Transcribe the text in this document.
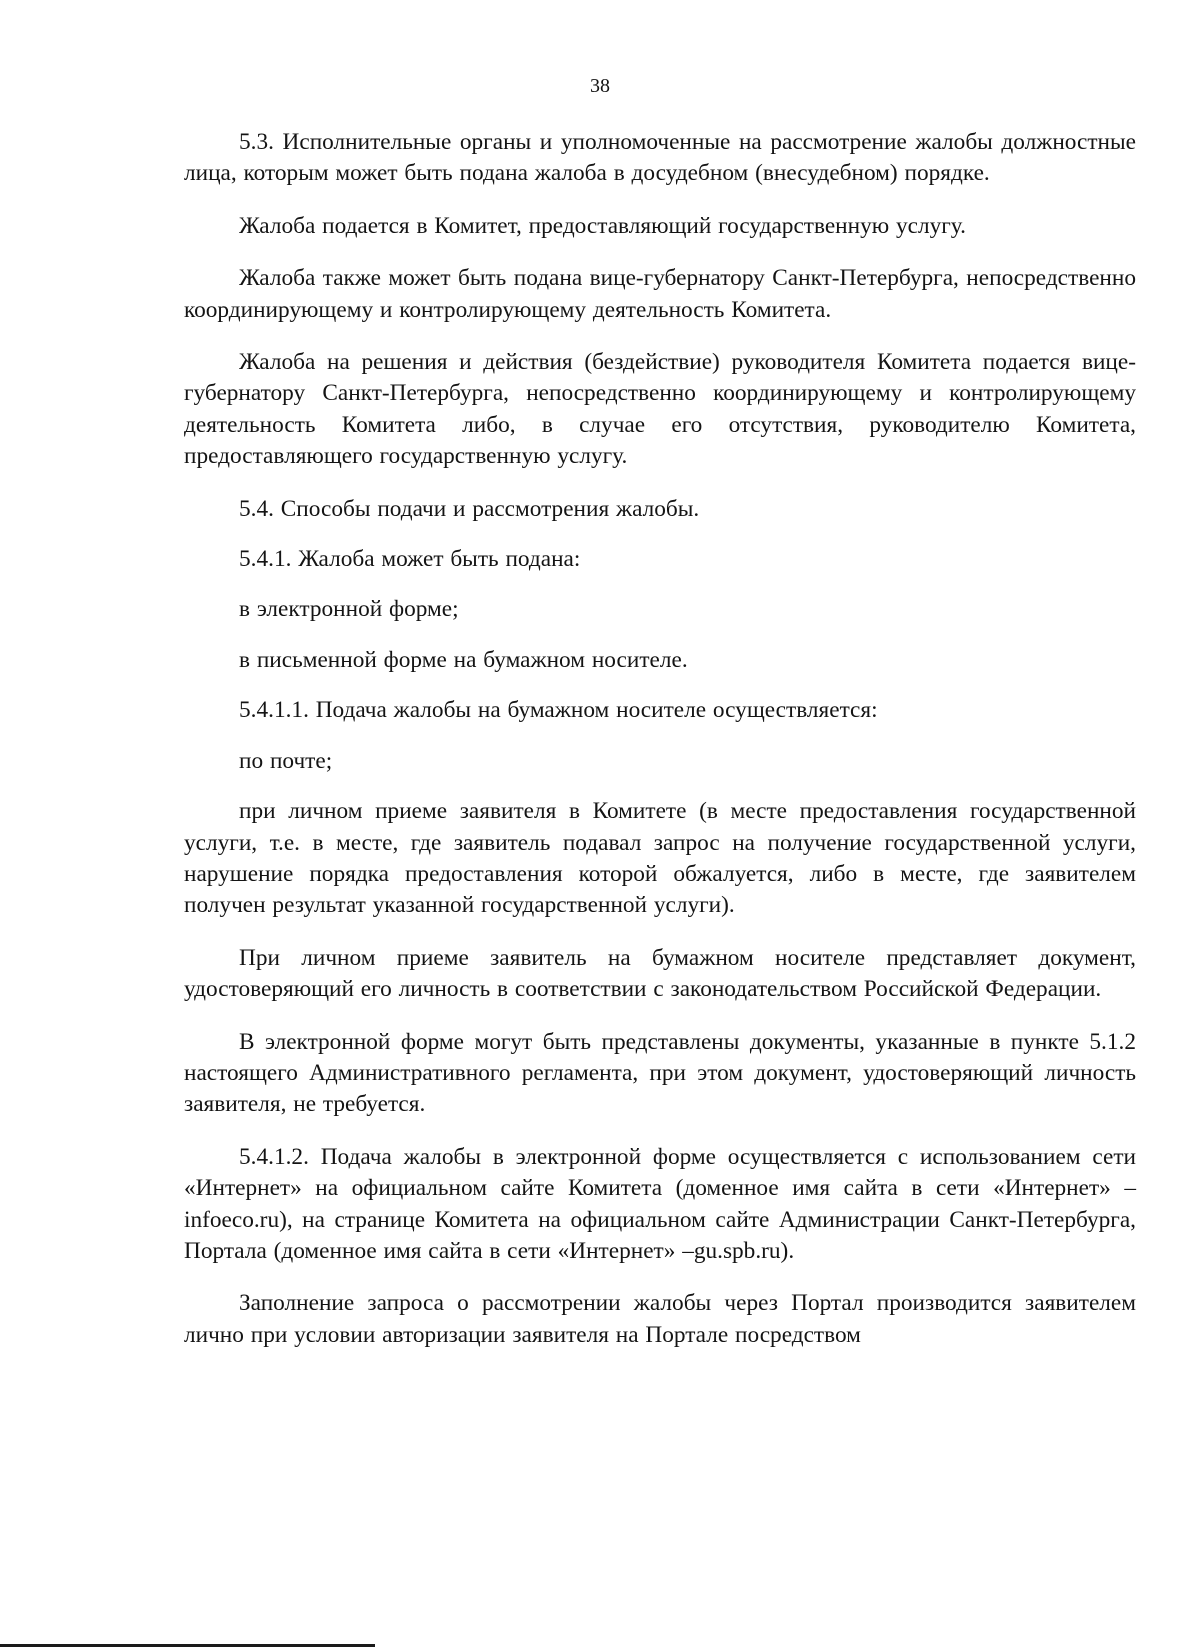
38

5.3. Исполнительные органы и уполномоченные на рассмотрение жалобы должностные лица, которым может быть подана жалоба в досудебном (внесудебном) порядке.

Жалоба подается в Комитет, предоставляющий государственную услугу.

Жалоба также может быть подана вице-губернатору Санкт-Петербурга, непосредственно координирующему и контролирующему деятельность Комитета.

Жалоба на решения и действия (бездействие) руководителя Комитета подается вице-губернатору Санкт-Петербурга, непосредственно координирующему и контролирующему деятельность Комитета либо, в случае его отсутствия, руководителю Комитета, предоставляющего государственную услугу.

5.4. Способы подачи и рассмотрения жалобы.

5.4.1. Жалоба может быть подана:

в электронной форме;

в письменной форме на бумажном носителе.

5.4.1.1. Подача жалобы на бумажном носителе осуществляется:

по почте;

при личном приеме заявителя в Комитете (в месте предоставления государственной услуги, т.е. в месте, где заявитель подавал запрос на получение государственной услуги, нарушение порядка предоставления которой обжалуется, либо в месте, где заявителем получен результат указанной государственной услуги).

При личном приеме заявитель на бумажном носителе представляет документ, удостоверяющий его личность в соответствии с законодательством Российской Федерации.

В электронной форме могут быть представлены документы, указанные в пункте 5.1.2 настоящего Административного регламента, при этом документ, удостоверяющий личность заявителя, не требуется.

5.4.1.2. Подача жалобы в электронной форме осуществляется с использованием сети «Интернет» на официальном сайте Комитета (доменное имя сайта в сети «Интернет» – infoeco.ru), на странице Комитета на официальном сайте Администрации Санкт-Петербурга, Портала (доменное имя сайта в сети «Интернет» –gu.spb.ru).

Заполнение запроса о рассмотрении жалобы через Портал производится заявителем лично при условии авторизации заявителя на Портале посредством
